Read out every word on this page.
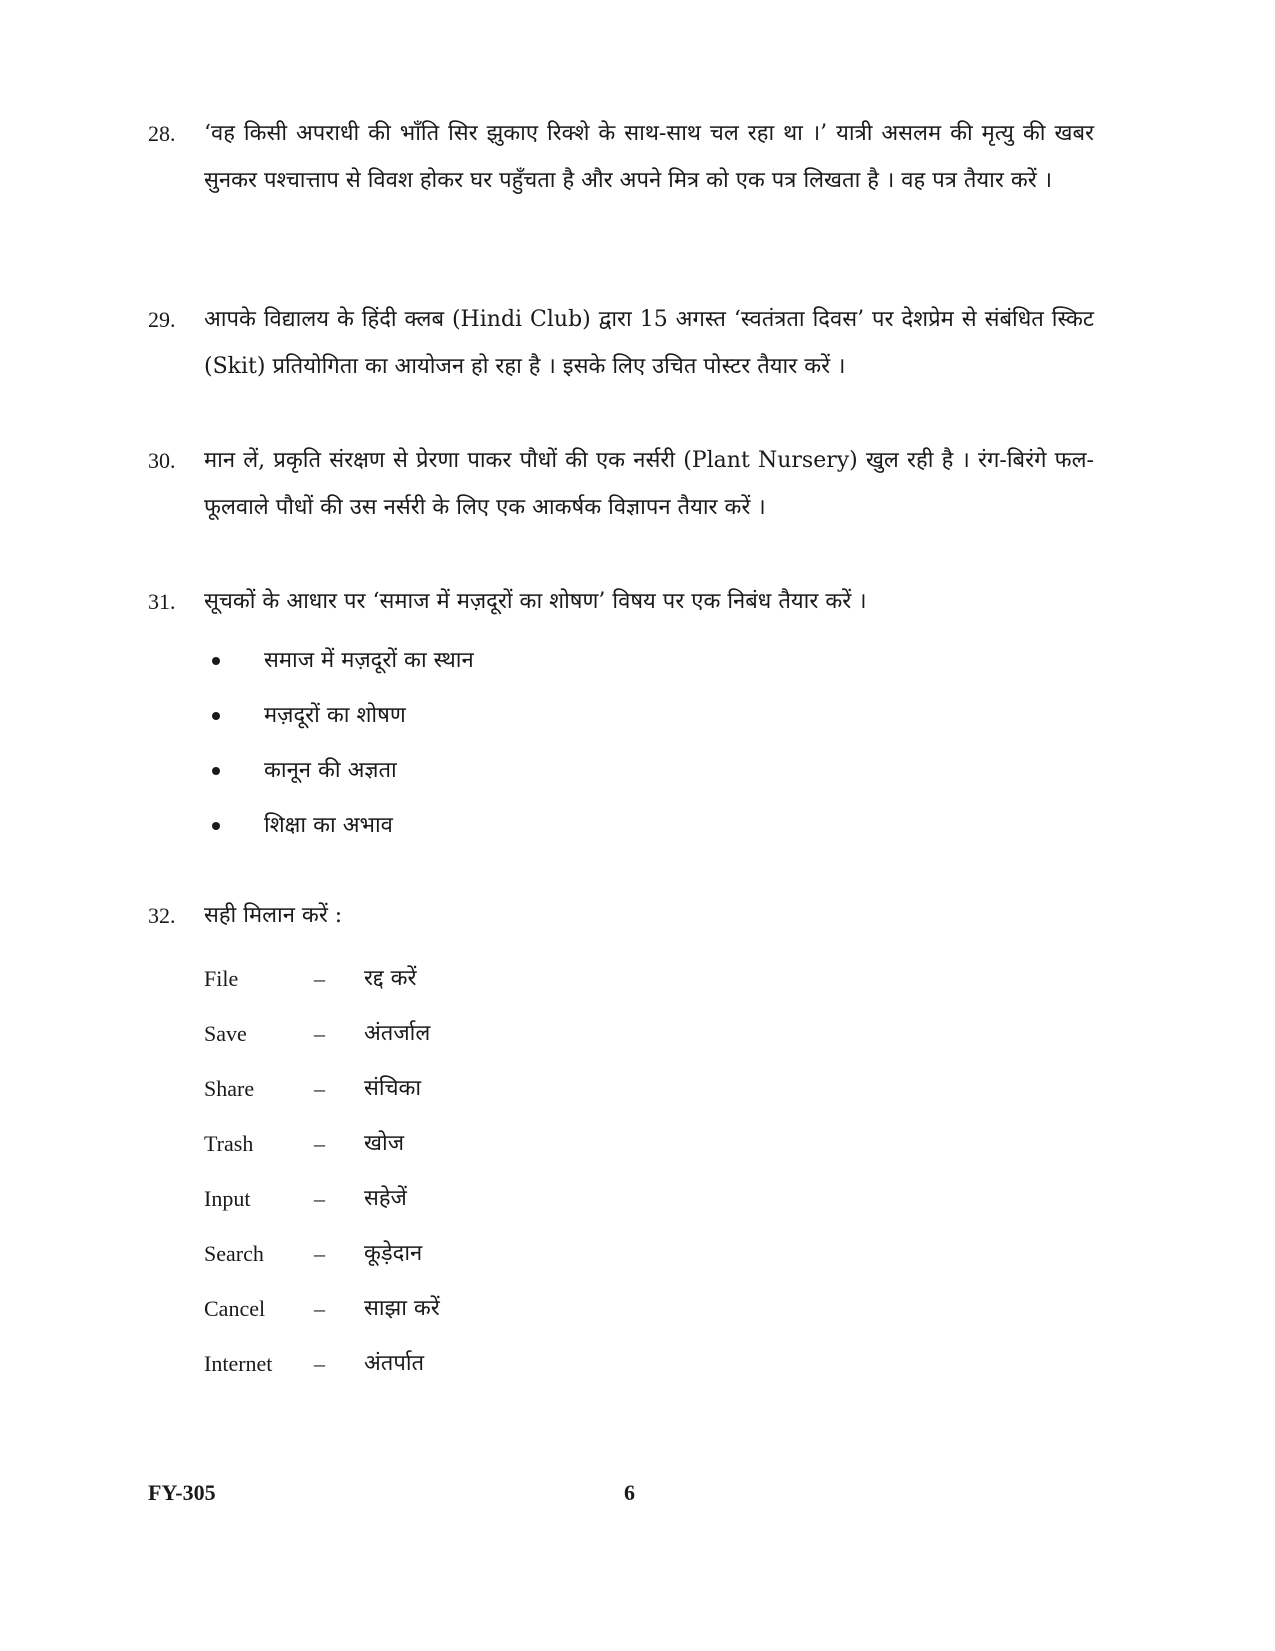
28.	‘वह किसी अपराधी की भाँति सिर झुकाए रिक्शे के साथ-साथ चल रहा था ।’ यात्री असलम की मृत्यु की खबर सुनकर पश्चात्ताप से विवश होकर घर पहुँचता है और अपने मित्र को एक पत्र लिखता है । वह पत्र तैयार करें ।
29.	आपके विद्यालय के हिंदी क्लब (Hindi Club) द्वारा 15 अगस्त ‘स्वतंत्रता दिवस’ पर देशप्रेम से संबंधित स्किट (Skit) प्रतियोगिता का आयोजन हो रहा है । इसके लिए उचित पोस्टर तैयार करें ।
30.	मान लें, प्रकृति संरक्षण से प्रेरणा पाकर पौधों की एक नर्सरी (Plant Nursery) खुल रही है । रंग-बिरंगे फल-फूलवाले पौधों की उस नर्सरी के लिए एक आकर्षक विज्ञापन तैयार करें ।
31.	सूचकों के आधार पर ‘समाज में मज़दूरों का शोषण’ विषय पर एक निबंध तैयार करें ।
समाज में मज़दूरों का स्थान
मज़दूरों का शोषण
कानून की अज्ञता
शिक्षा का अभाव
32.	सही मिलान करें :
File	–	रद्द करें
Save	–	अंतर्जाल
Share	–	संचिका
Trash	–	खोज
Input	–	सहेजें
Search	–	कूड़ेदान
Cancel	–	साझा करें
Internet	–	अंतर्पात
FY-305	6
